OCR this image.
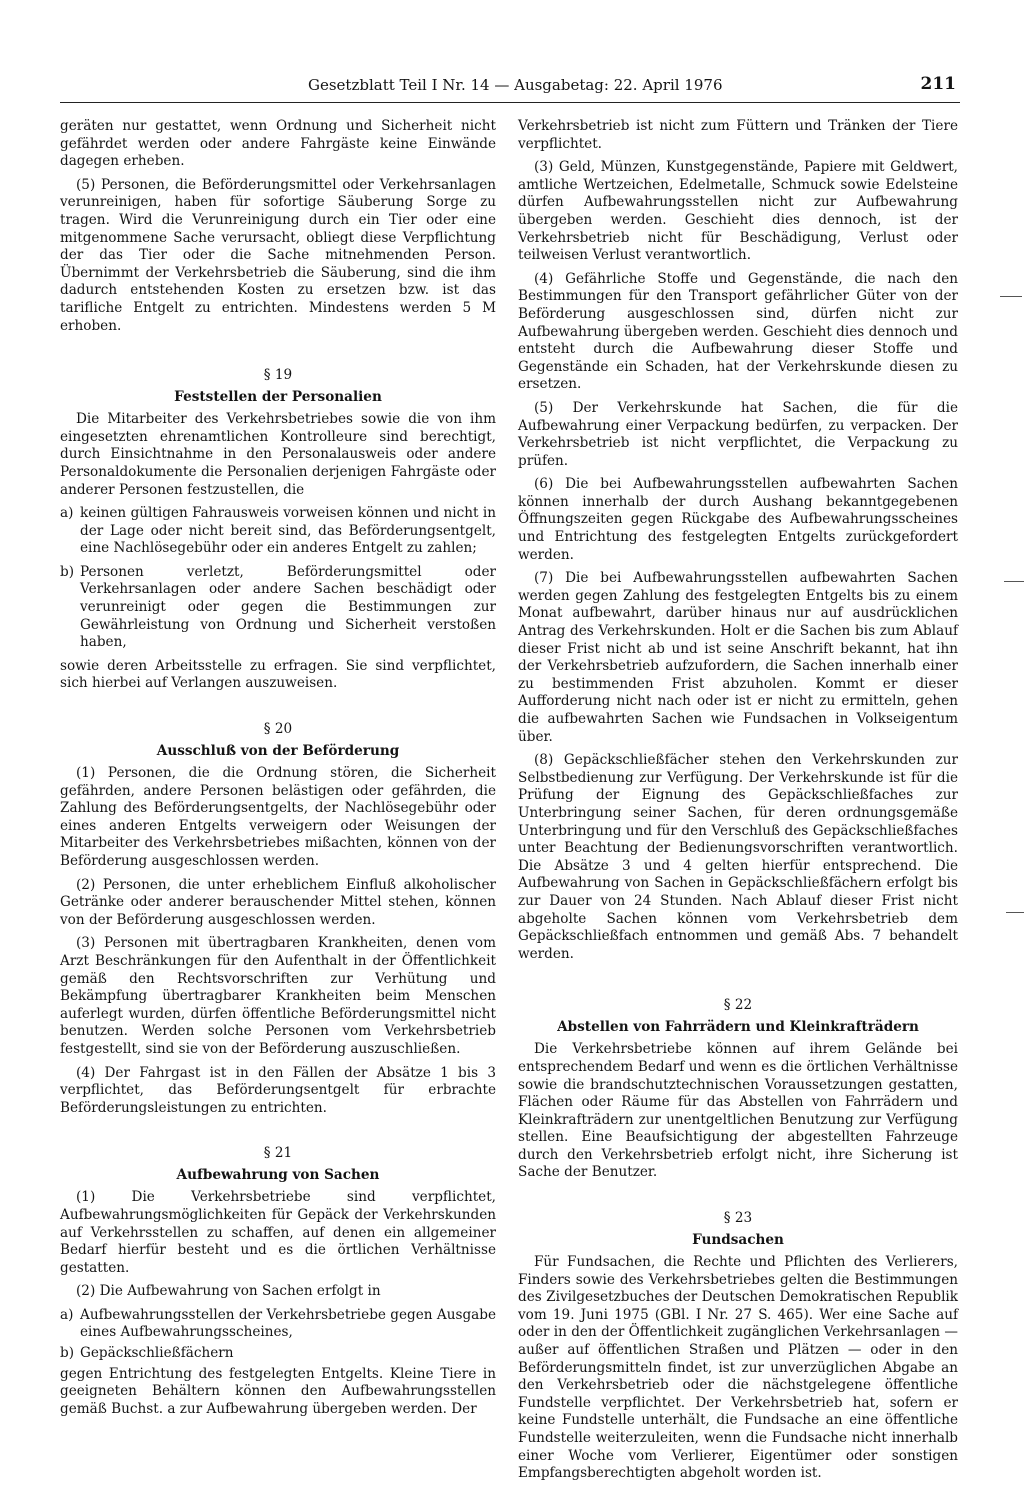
Gesetzblatt Teil I Nr. 14 — Ausgabetag: 22. April 1976	211

geräten nur gestattet, wenn Ordnung und Sicherheit nicht gefährdet werden oder andere Fahrgäste keine Einwände dagegen erheben.

(5) Personen, die Beförderungsmittel oder Verkehrsanlagen verunreinigen, haben für sofortige Säuberung Sorge zu tragen. Wird die Verunreinigung durch ein Tier oder eine mitgenommene Sache verursacht, obliegt diese Verpflichtung der das Tier oder die Sache mitnehmenden Person. Übernimmt der Verkehrsbetrieb die Säuberung, sind die ihm dadurch entstehenden Kosten zu ersetzen bzw. ist das tarifliche Entgelt zu entrichten. Mindestens werden 5 M erhoben.

§ 19
Feststellen der Personalien

Die Mitarbeiter des Verkehrsbetriebes sowie die von ihm eingesetzten ehrenamtlichen Kontrolleure sind berechtigt, durch Einsichtnahme in den Personalausweis oder andere Personaldokumente die Personalien derjenigen Fahrgäste oder anderer Personen festzustellen, die

a) keinen gültigen Fahrausweis vorweisen können und nicht in der Lage oder nicht bereit sind, das Beförderungsentgelt, eine Nachlösegebühr oder ein anderes Entgelt zu zahlen;
b) Personen verletzt, Beförderungsmittel oder Verkehrsanlagen oder andere Sachen beschädigt oder verunreinigt oder gegen die Bestimmungen zur Gewährleistung von Ordnung und Sicherheit verstoßen haben,

sowie deren Arbeitsstelle zu erfragen. Sie sind verpflichtet, sich hierbei auf Verlangen auszuweisen.

§ 20
Ausschluß von der Beförderung

(1) Personen, die die Ordnung stören, die Sicherheit gefährden, andere Personen belästigen oder gefährden, die Zahlung des Beförderungsentgelts, der Nachlösegebühr oder eines anderen Entgelts verweigern oder Weisungen der Mitarbeiter des Verkehrsbetriebes mißachten, können von der Beförderung ausgeschlossen werden.

(2) Personen, die unter erheblichem Einfluß alkoholischer Getränke oder anderer berauschender Mittel stehen, können von der Beförderung ausgeschlossen werden.

(3) Personen mit übertragbaren Krankheiten, denen vom Arzt Beschränkungen für den Aufenthalt in der Öffentlichkeit gemäß den Rechtsvorschriften zur Verhütung und Bekämpfung übertragbarer Krankheiten beim Menschen auferlegt wurden, dürfen öffentliche Beförderungsmittel nicht benutzen. Werden solche Personen vom Verkehrsbetrieb festgestellt, sind sie von der Beförderung auszuschließen.

(4) Der Fahrgast ist in den Fällen der Absätze 1 bis 3 verpflichtet, das Beförderungsentgelt für erbrachte Beförderungsleistungen zu entrichten.

§ 21
Aufbewahrung von Sachen

(1) Die Verkehrsbetriebe sind verpflichtet, Aufbewahrungsmöglichkeiten für Gepäck der Verkehrskunden auf Verkehrsstellen zu schaffen, auf denen ein allgemeiner Bedarf hierfür besteht und es die örtlichen Verhältnisse gestatten.

(2) Die Aufbewahrung von Sachen erfolgt in

a) Aufbewahrungsstellen der Verkehrsbetriebe gegen Ausgabe eines Aufbewahrungsscheines,
b) Gepäckschließfächern

gegen Entrichtung des festgelegten Entgelts. Kleine Tiere in geeigneten Behältern können den Aufbewahrungsstellen gemäß Buchst. a zur Aufbewahrung übergeben werden. Der

Verkehrsbetrieb ist nicht zum Füttern und Tränken der Tiere verpflichtet.

(3) Geld, Münzen, Kunstgegenstände, Papiere mit Geldwert, amtliche Wertzeichen, Edelmetalle, Schmuck sowie Edelsteine dürfen Aufbewahrungsstellen nicht zur Aufbewahrung übergeben werden. Geschieht dies dennoch, ist der Verkehrsbetrieb nicht für Beschädigung, Verlust oder teilweisen Verlust verantwortlich.

(4) Gefährliche Stoffe und Gegenstände, die nach den Bestimmungen für den Transport gefährlicher Güter von der Beförderung ausgeschlossen sind, dürfen nicht zur Aufbewahrung übergeben werden. Geschieht dies dennoch und entsteht durch die Aufbewahrung dieser Stoffe und Gegenstände ein Schaden, hat der Verkehrskunde diesen zu ersetzen.

(5) Der Verkehrskunde hat Sachen, die für die Aufbewahrung einer Verpackung bedürfen, zu verpacken. Der Verkehrsbetrieb ist nicht verpflichtet, die Verpackung zu prüfen.

(6) Die bei Aufbewahrungsstellen aufbewahrten Sachen können innerhalb der durch Aushang bekanntgegebenen Öffnungszeiten gegen Rückgabe des Aufbewahrungsscheines und Entrichtung des festgelegten Entgelts zurückgefordert werden.

(7) Die bei Aufbewahrungsstellen aufbewahrten Sachen werden gegen Zahlung des festgelegten Entgelts bis zu einem Monat aufbewahrt, darüber hinaus nur auf ausdrücklichen Antrag des Verkehrskunden. Holt er die Sachen bis zum Ablauf dieser Frist nicht ab und ist seine Anschrift bekannt, hat ihn der Verkehrsbetrieb aufzufordern, die Sachen innerhalb einer zu bestimmenden Frist abzuholen. Kommt er dieser Aufforderung nicht nach oder ist er nicht zu ermitteln, gehen die aufbewahrten Sachen wie Fundsachen in Volkseigentum über.

(8) Gepäckschließfächer stehen den Verkehrskunden zur Selbstbedienung zur Verfügung. Der Verkehrskunde ist für die Prüfung der Eignung des Gepäckschließfaches zur Unterbringung seiner Sachen, für deren ordnungsgemäße Unterbringung und für den Verschluß des Gepäckschließfaches unter Beachtung der Bedienungsvorschriften verantwortlich. Die Absätze 3 und 4 gelten hierfür entsprechend. Die Aufbewahrung von Sachen in Gepäckschließfächern erfolgt bis zur Dauer von 24 Stunden. Nach Ablauf dieser Frist nicht abgeholte Sachen können vom Verkehrsbetrieb dem Gepäckschließfach entnommen und gemäß Abs. 7 behandelt werden.

§ 22
Abstellen von Fahrrädern und Kleinkrafträdern

Die Verkehrsbetriebe können auf ihrem Gelände bei entsprechendem Bedarf und wenn es die örtlichen Verhältnisse sowie die brandschutztechnischen Voraussetzungen gestatten, Flächen oder Räume für das Abstellen von Fahrrädern und Kleinkrafträdern zur unentgeltlichen Benutzung zur Verfügung stellen. Eine Beaufsichtigung der abgestellten Fahrzeuge durch den Verkehrsbetrieb erfolgt nicht, ihre Sicherung ist Sache der Benutzer.

§ 23
Fundsachen

Für Fundsachen, die Rechte und Pflichten des Verlierers, Finders sowie des Verkehrsbetriebes gelten die Bestimmungen des Zivilgesetzbuches der Deutschen Demokratischen Republik vom 19. Juni 1975 (GBl. I Nr. 27 S. 465). Wer eine Sache auf oder in den der Öffentlichkeit zugänglichen Verkehrsanlagen — außer auf öffentlichen Straßen und Plätzen — oder in den Beförderungsmitteln findet, ist zur unverzüglichen Abgabe an den Verkehrsbetrieb oder die nächstgelegene öffentliche Fundstelle verpflichtet. Der Verkehrsbetrieb hat, sofern er keine Fundstelle unterhält, die Fundsache an eine öffentliche Fundstelle weiterzuleiten, wenn die Fundsache nicht innerhalb einer Woche vom Verlierer, Eigentümer oder sonstigen Empfangsberechtigten abgeholt worden ist.
